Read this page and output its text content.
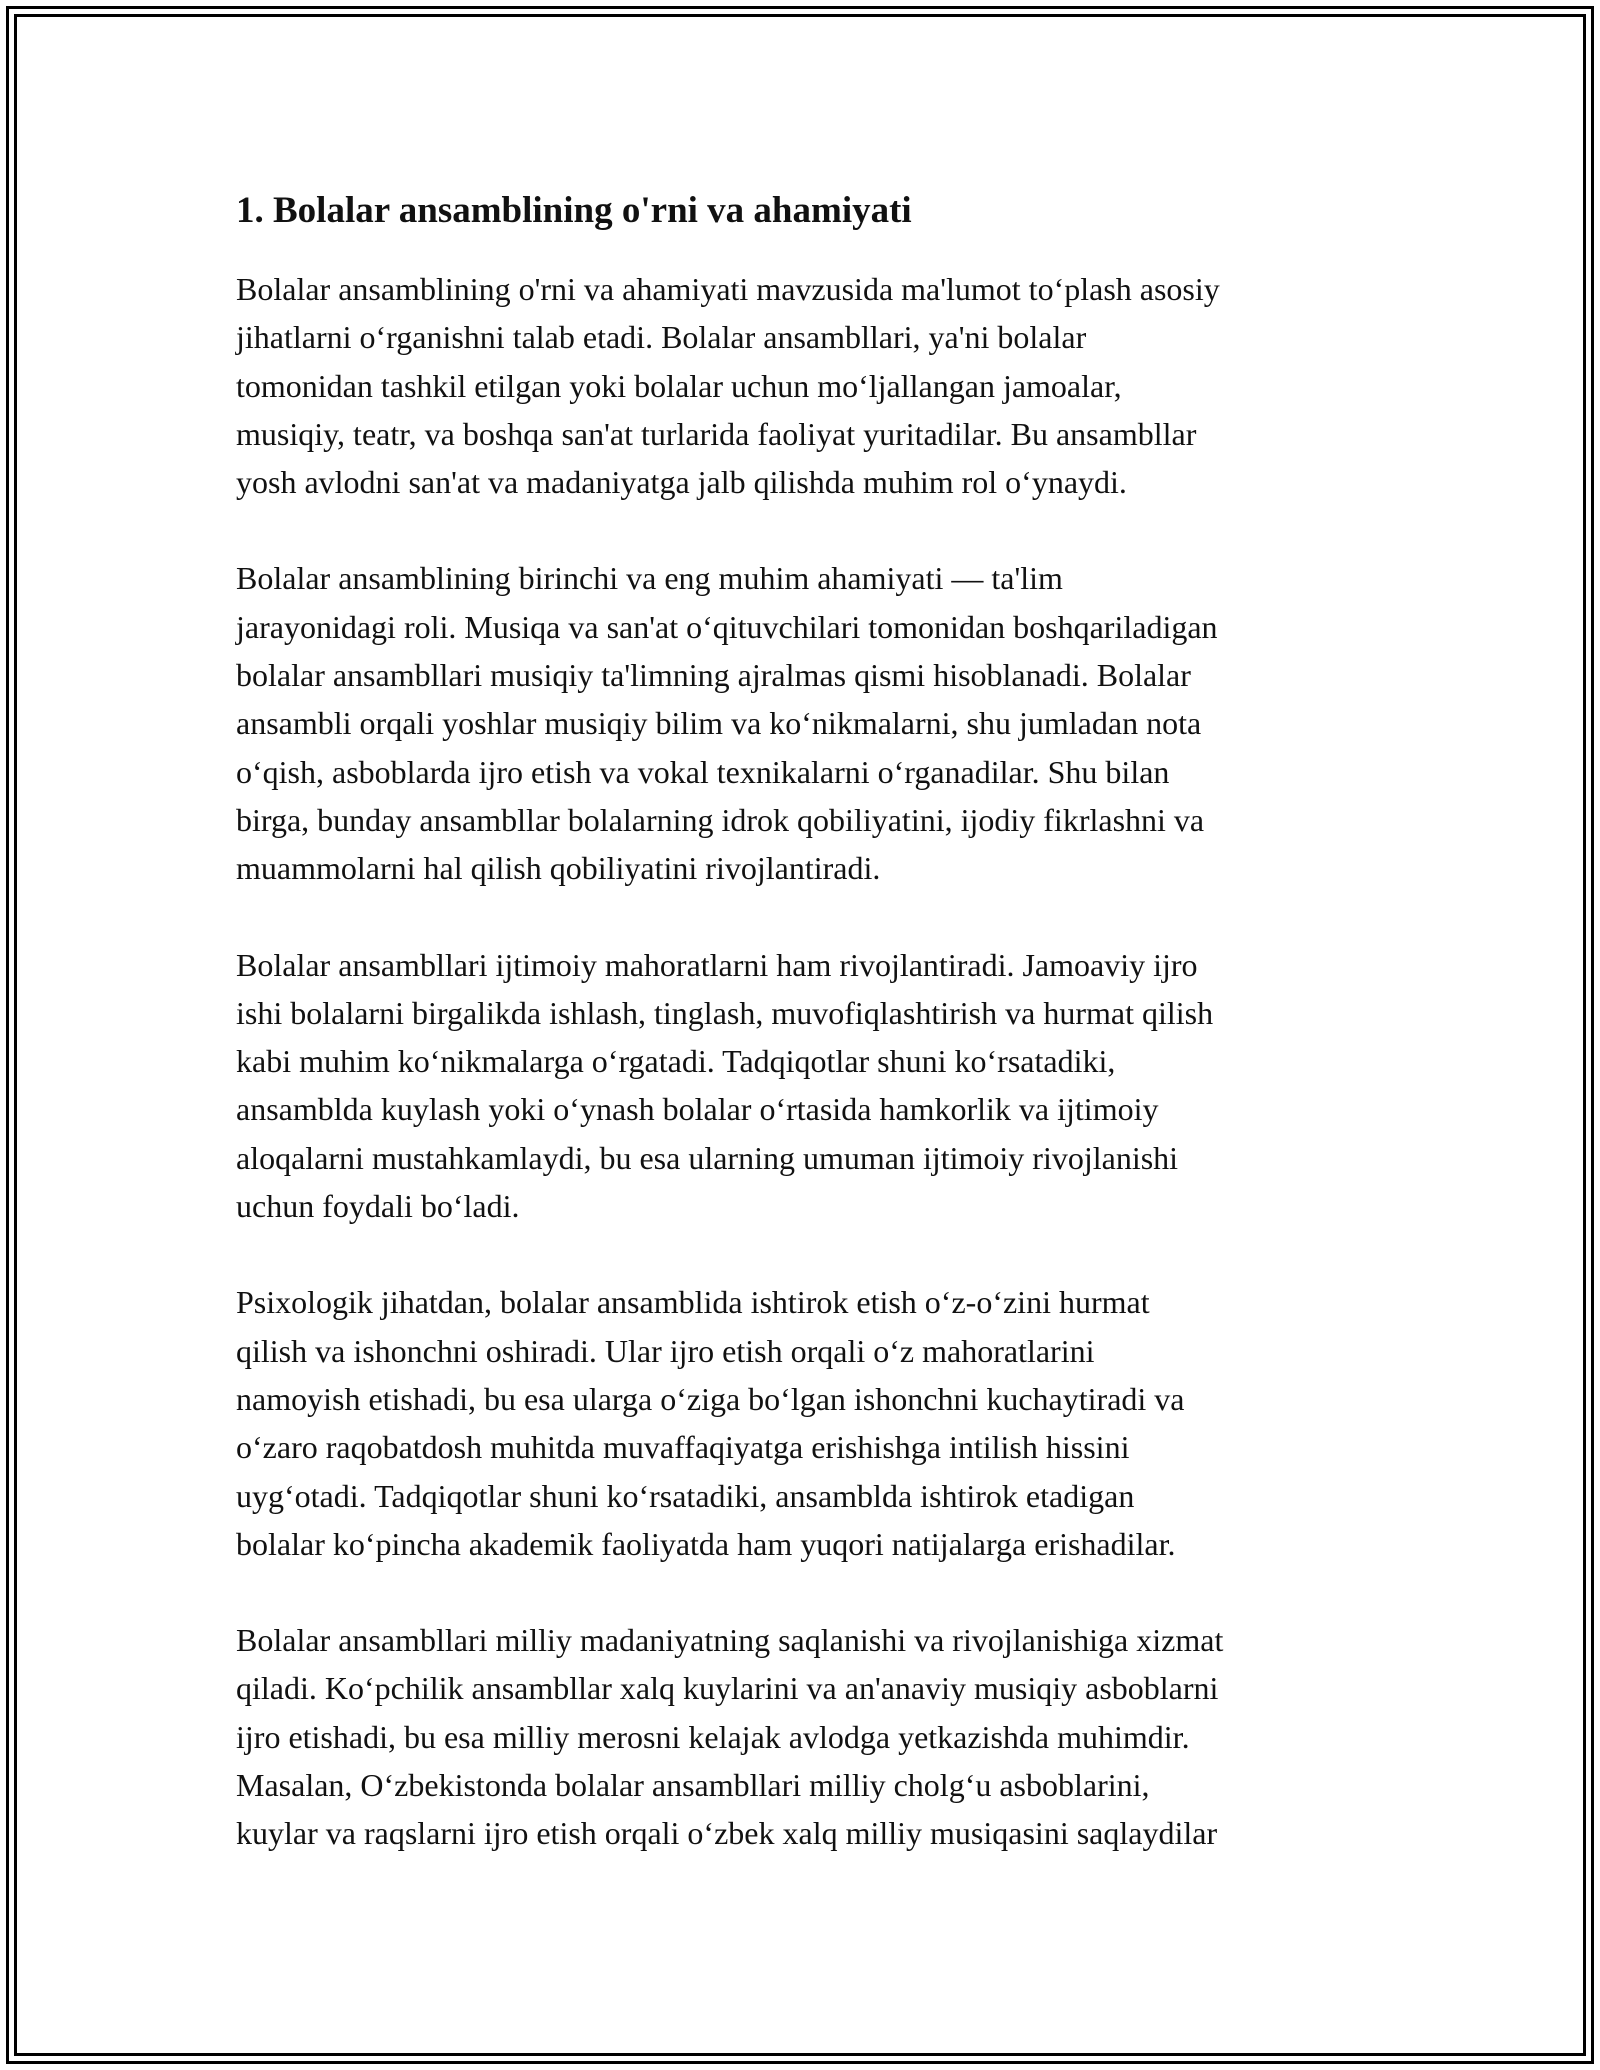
1. Bolalar ansamblining o'rni va ahamiyati

Bolalar ansamblining o'rni va ahamiyati mavzusida ma'lumot to‘plash asosiy
jihatlarni o‘rganishni talab etadi. Bolalar ansambllari, ya'ni bolalar
tomonidan tashkil etilgan yoki bolalar uchun mo‘ljallangan jamoalar,
musiqiy, teatr, va boshqa san'at turlarida faoliyat yuritadilar. Bu ansambllar
yosh avlodni san'at va madaniyatga jalb qilishda muhim rol o‘ynaydi.

Bolalar ansamblining birinchi va eng muhim ahamiyati — ta'lim
jarayonidagi roli. Musiqa va san'at o‘qituvchilari tomonidan boshqariladigan
bolalar ansambllari musiqiy ta'limning ajralmas qismi hisoblanadi. Bolalar
ansambli orqali yoshlar musiqiy bilim va ko‘nikmalarni, shu jumladan nota
o‘qish, asboblarda ijro etish va vokal texnikalarni o‘rganadilar. Shu bilan
birga, bunday ansambllar bolalarning idrok qobiliyatini, ijodiy fikrlashni va
muammolarni hal qilish qobiliyatini rivojlantiradi.

Bolalar ansambllari ijtimoiy mahoratlarni ham rivojlantiradi. Jamoaviy ijro
ishi bolalarni birgalikda ishlash, tinglash, muvofiqlashtirish va hurmat qilish
kabi muhim ko‘nikmalarga o‘rgatadi. Tadqiqotlar shuni ko‘rsatadiki,
ansamblda kuylash yoki o‘ynash bolalar o‘rtasida hamkorlik va ijtimoiy
aloqalarni mustahkamlaydi, bu esa ularning umuman ijtimoiy rivojlanishi
uchun foydali bo‘ladi.

Psixologik jihatdan, bolalar ansamblida ishtirok etish o‘z-o‘zini hurmat
qilish va ishonchni oshiradi. Ular ijro etish orqali o‘z mahoratlarini
namoyish etishadi, bu esa ularga o‘ziga bo‘lgan ishonchni kuchaytiradi va
o‘zaro raqobatdosh muhitda muvaffaqiyatga erishishga intilish hissini
uyg‘otadi. Tadqiqotlar shuni ko‘rsatadiki, ansamblda ishtirok etadigan
bolalar ko‘pincha akademik faoliyatda ham yuqori natijalarga erishadilar.

Bolalar ansambllari milliy madaniyatning saqlanishi va rivojlanishiga xizmat
qiladi. Ko‘pchilik ansambllar xalq kuylarini va an'anaviy musiqiy asboblarni
ijro etishadi, bu esa milliy merosni kelajak avlodga yetkazishda muhimdir.
Masalan, O‘zbekistonda bolalar ansambllari milliy cholg‘u asboblarini,
kuylar va raqslarni ijro etish orqali o‘zbek xalq milliy musiqasini saqlaydilar
